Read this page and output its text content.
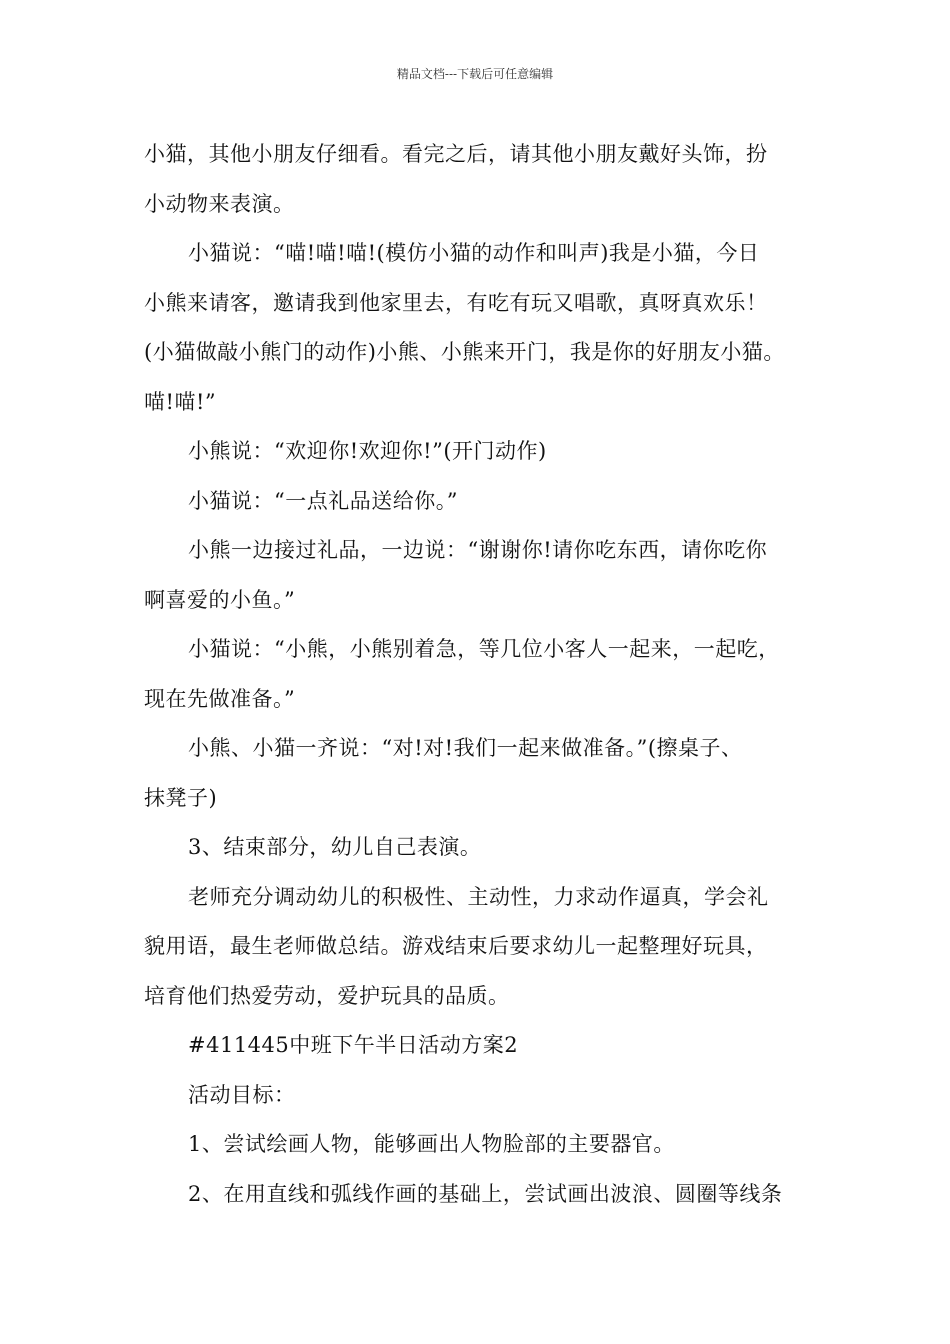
精品文档---下载后可任意编辑
小猫，其他小朋友仔细看。看完之后，请其他小朋友戴好头饰，扮
小动物来表演。
小猫说：“喵!喵!喵!(模仿小猫的动作和叫声)我是小猫，今日
小熊来请客，邀请我到他家里去，有吃有玩又唱歌，真呀真欢乐！
(小猫做敲小熊门的动作)小熊、小熊来开门，我是你的好朋友小猫。
喵!喵!”
小熊说：“欢迎你!欢迎你!”(开门动作)
小猫说：“一点礼品送给你。”
小熊一边接过礼品，一边说：“谢谢你!请你吃东西，请你吃你
啊喜爱的小鱼。”
小猫说：“小熊，小熊别着急，等几位小客人一起来，一起吃，
现在先做准备。”
小熊、小猫一齐说：“对!对!我们一起来做准备。”(擦桌子、
抹凳子)
3、结束部分，幼儿自己表演。
老师充分调动幼儿的积极性、主动性，力求动作逼真，学会礼
貌用语，最生老师做总结。游戏结束后要求幼儿一起整理好玩具，
培育他们热爱劳动，爱护玩具的品质。
#411445中班下午半日活动方案2
活动目标：
1、尝试绘画人物，能够画出人物脸部的主要器官。
2、在用直线和弧线作画的基础上，尝试画出波浪、圆圈等线条
